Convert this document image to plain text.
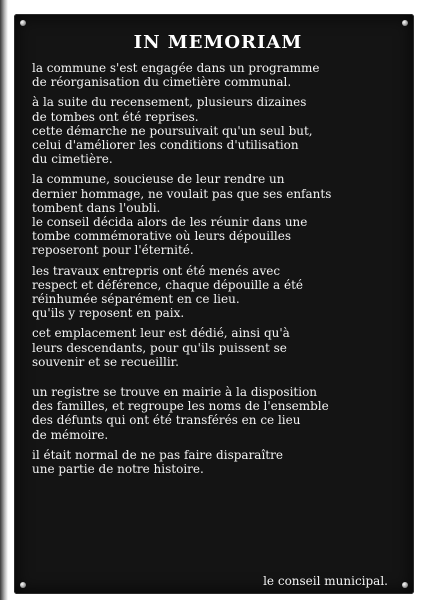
IN MEMORIAM
la commune s'est engagée dans un programme
de réorganisation du cimetière communal.
à la suite du recensement, plusieurs dizaines
de tombes ont été reprises.
cette démarche ne poursuivait qu'un seul but,
celui d'améliorer les conditions d'utilisation
du cimetière.
la commune, soucieuse de leur rendre un
dernier hommage, ne voulait pas que ses enfants
tombent dans l'oubli.
le conseil décida alors de les réunir dans une
tombe commémorative où leurs dépouilles
reposeront pour l'éternité.
les travaux entrepris ont été menés avec
respect et déférence, chaque dépouille a été
réinhumée séparément en ce lieu.
qu'ils y reposent en paix.
cet emplacement leur est dédié, ainsi qu'à
leurs descendants, pour qu'ils puissent se
souvenir et se recueillir.
un registre se trouve en mairie à la disposition
des familles, et regroupe les noms de l'ensemble
des défunts qui ont été transférés en ce lieu
de mémoire.
il était normal de ne pas faire disparaître
une partie de notre histoire.
le conseil municipal.
